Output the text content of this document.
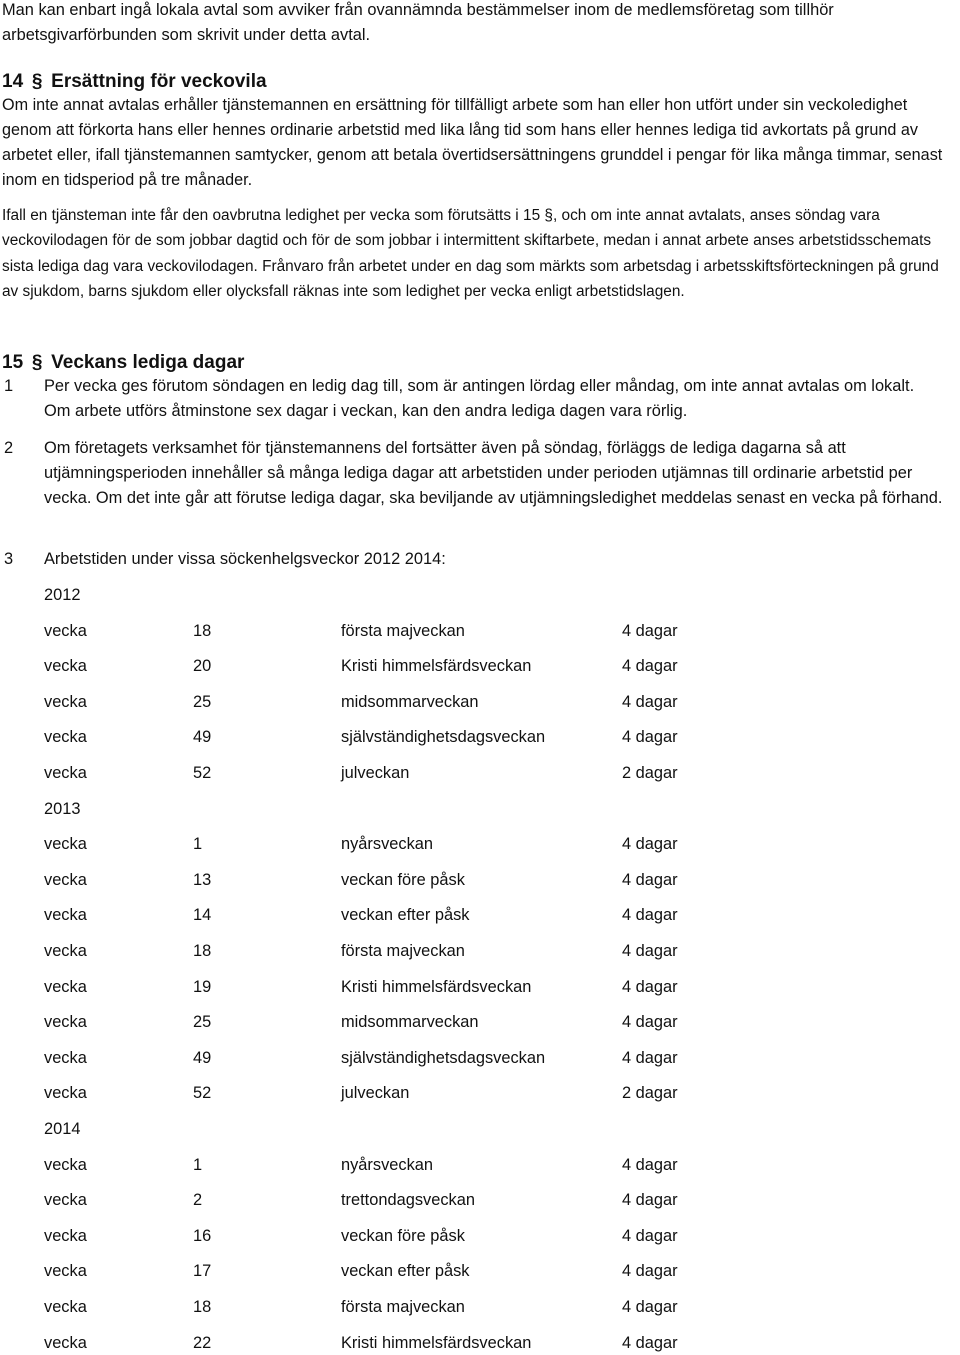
Man kan enbart ingå lokala avtal som avviker från ovannämnda bestämmelser inom de medlemsföretag som tillhör

arbetsgivarförbunden som skrivit under detta avtal.

14 § Ersättning för veckovila

Om inte annat avtalas erhåller tjänstemannen en ersättning för tillfälligt arbete som han eller hon utfört under sin veckoledighet genom att förkorta hans eller hennes ordinarie arbetstid med lika lång tid som hans eller hennes lediga tid avkortats på grund av arbetet eller, ifall tjänstemannen samtycker, genom att betala övertidsersättningens grunddel i pengar för lika många timmar, senast inom en tidsperiod på tre månader.

Ifall en tjänsteman inte får den oavbrutna ledighet per vecka som förutsätts i 15 §, och om inte annat avtalats, anses söndag vara veckovilodagen för de som jobbar dagtid och för de som jobbar i intermittent skiftarbete, medan i annat arbete anses arbetstidsschemats sista lediga dag vara veckovilodagen. Frånvaro från arbetet under en dag som märkts som arbetsdag i arbetsskiftsförteckningen på grund av sjukdom, barns sjukdom eller olycksfall räknas inte som ledighet per vecka enligt arbetstidslagen.

15 § Veckans lediga dagar
1 Per vecka ges förutom söndagen en ledig dag till, som är antingen lördag eller måndag, om inte annat avtalas om lokalt. Om arbete utförs åtminstone sex dagar i veckan, kan den andra lediga dagen vara rörlig.
2 Om företagets verksamhet för tjänstemannens del fortsätter även på söndag, förläggs de lediga dagarna så att utjämningsperioden innehåller så många lediga dagar att arbetstiden under perioden utjämnas till ordinarie arbetstid per vecka. Om det inte går att förutse lediga dagar, ska beviljande av utjämningsledighet meddelas senast en vecka på förhand.
3 Arbetstiden under vissa söckenhelgsveckor 2012 2014:
2012
vecka	18	första majveckan	4 dagar
vecka	20	Kristi himmelsfärdsveckan	4 dagar
vecka	25	midsommarveckan	4 dagar
vecka	49	självständighetsdagsveckan	4 dagar
vecka	52	julveckan	2 dagar
2013
vecka	1	nyårsveckan	4 dagar
vecka	13	veckan före påsk	4 dagar
vecka	14	veckan efter påsk	4 dagar
vecka	18	första majveckan	4 dagar
vecka	19	Kristi himmelsfärdsveckan	4 dagar
vecka	25	midsommarveckan	4 dagar
vecka	49	självständighetsdagsveckan	4 dagar
vecka	52	julveckan	2 dagar
2014
vecka	1	nyårsveckan	4 dagar
vecka	2	trettondagsveckan	4 dagar
vecka	16	veckan före påsk	4 dagar
vecka	17	veckan efter påsk	4 dagar
vecka	18	första majveckan	4 dagar
vecka	22	Kristi himmelsfärdsveckan	4 dagar
